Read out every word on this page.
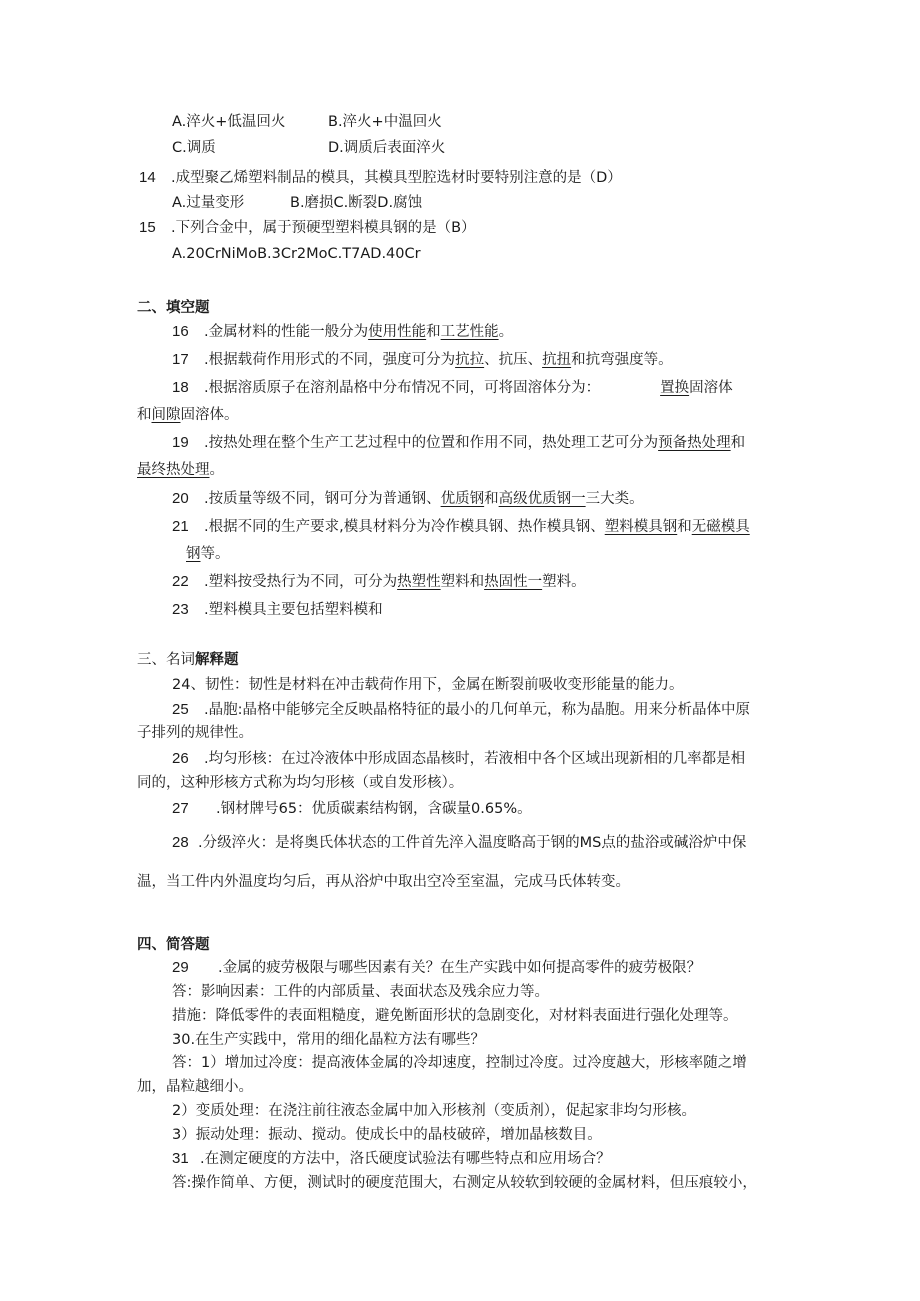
A.淬火+低温回火	B.淬火+中温回火
C.调质	D.调质后表面淬火
14 .成型聚乙烯塑料制品的模具，其模具型腔选材时要特别注意的是（D）
A.过量变形	B.磨损C.断裂D.腐蚀
15 .下列合金中，属于预硬型塑料模具钢的是（B）
A.20CrNiMoB.3Cr2MoC.T7AD.40Cr
二、填空题
16 .金属材料的性能一般分为使用性能和工艺性能。
17 .根据载荷作用形式的不同，强度可分为抗拉、抗压、抗扭和抗弯强度等。
18 .根据溶质原子在溶剂晶格中分布情况不同，可将固溶体分为：	置换固溶体
和间隙固溶体。
19 .按热处理在整个生产工艺过程中的位置和作用不同，热处理工艺可分为预备热处理和
最终热处理。
20 .按质量等级不同，钢可分为普通钢、优质钢和高级优质钢一三大类。
21 .根据不同的生产要求,模具材料分为冷作模具钢、热作模具钢、塑料模具钢和无磁模具
钢等。
22 .塑料按受热行为不同，可分为热塑性塑料和热固性一塑料。
23 .塑料模具主要包括塑料模和
三、名词解释题
24、韧性：韧性是材料在冲击载荷作用下，金属在断裂前吸收变形能量的能力。
25 .晶胞:晶格中能够完全反映晶格特征的最小的几何单元，称为晶胞。用来分析晶体中原
子排列的规律性。
26 .均匀形核：在过冷液体中形成固态晶核时，若液相中各个区域出现新相的几率都是相
同的，这种形核方式称为均匀形核（或自发形核）。
27 .钢材牌号65：优质碳素结构钢，含碳量0.65%。
28 .分级淬火：是将奥氏体状态的工件首先淬入温度略高于钢的MS点的盐浴或碱浴炉中保
温，当工件内外温度均匀后，再从浴炉中取出空冷至室温，完成马氏体转变。
四、简答题
29 .金属的疲劳极限与哪些因素有关？在生产实践中如何提高零件的疲劳极限？
答：影响因素：工件的内部质量、表面状态及残余应力等。
措施：降低零件的表面粗糙度，避免断面形状的急剧变化，对材料表面进行强化处理等。
30.在生产实践中，常用的细化晶粒方法有哪些？
答：1）增加过冷度：提高液体金属的冷却速度，控制过冷度。过冷度越大，形核率随之增
加，晶粒越细小。
2）变质处理：在浇注前往液态金属中加入形核剂（变质剂），促起家非均匀形核。
3）振动处理：振动、搅动。使成长中的晶枝破碎，增加晶核数目。
31 .在测定硬度的方法中，洛氏硬度试验法有哪些特点和应用场合？
答:操作简单、方便，测试时的硬度范围大，右测定从较软到较硬的金属材料，但压痕较小，
